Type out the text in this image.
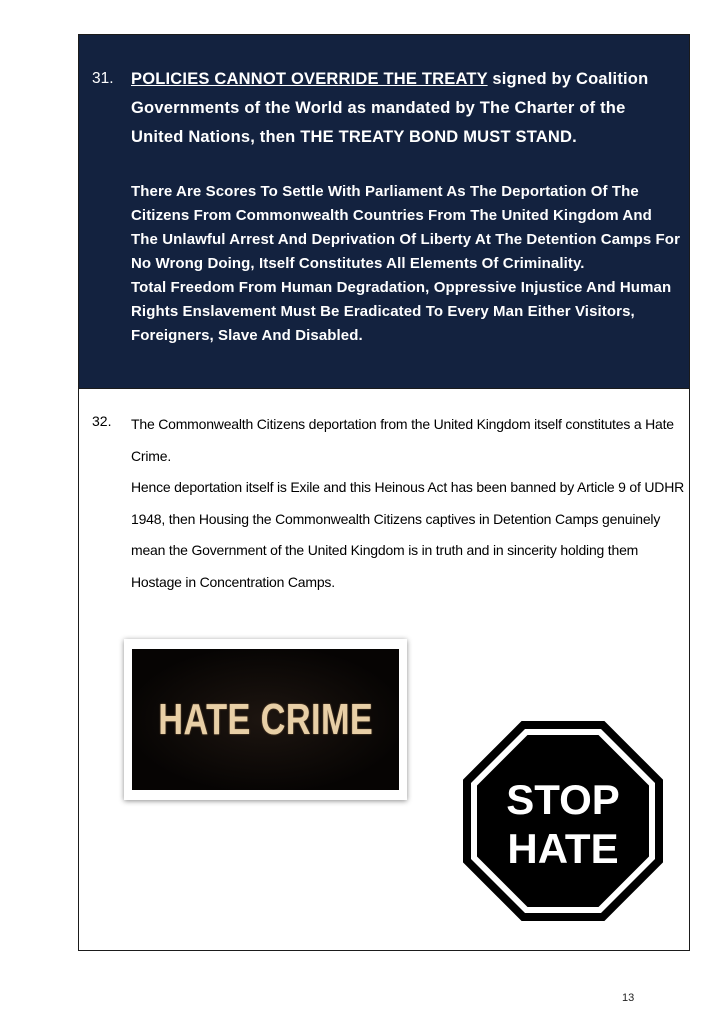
31. POLICIES CANNOT OVERRIDE THE TREATY signed by Coalition Governments of the World as mandated by The Charter of the United Nations, then THE TREATY BOND MUST STAND.

There Are Scores To Settle With Parliament As The Deportation Of The Citizens From Commonwealth Countries From The United Kingdom And The Unlawful Arrest And Deprivation Of Liberty At The Detention Camps For No Wrong Doing, Itself Constitutes All Elements Of Criminality.

Total Freedom From Human Degradation, Oppressive Injustice And Human Rights Enslavement Must Be Eradicated To Every Man Either Visitors, Foreigners, Slave And Disabled.

32. The Commonwealth Citizens deportation from the United Kingdom itself constitutes a Hate Crime.

Hence deportation itself is Exile and this Heinous Act has been banned by Article 9 of UDHR 1948, then Housing the Commonwealth Citizens captives in Detention Camps genuinely mean the Government of the United Kingdom is in truth and in sincerity holding them Hostage in Concentration Camps.

HATE CRIME
STOP
HATE
13
